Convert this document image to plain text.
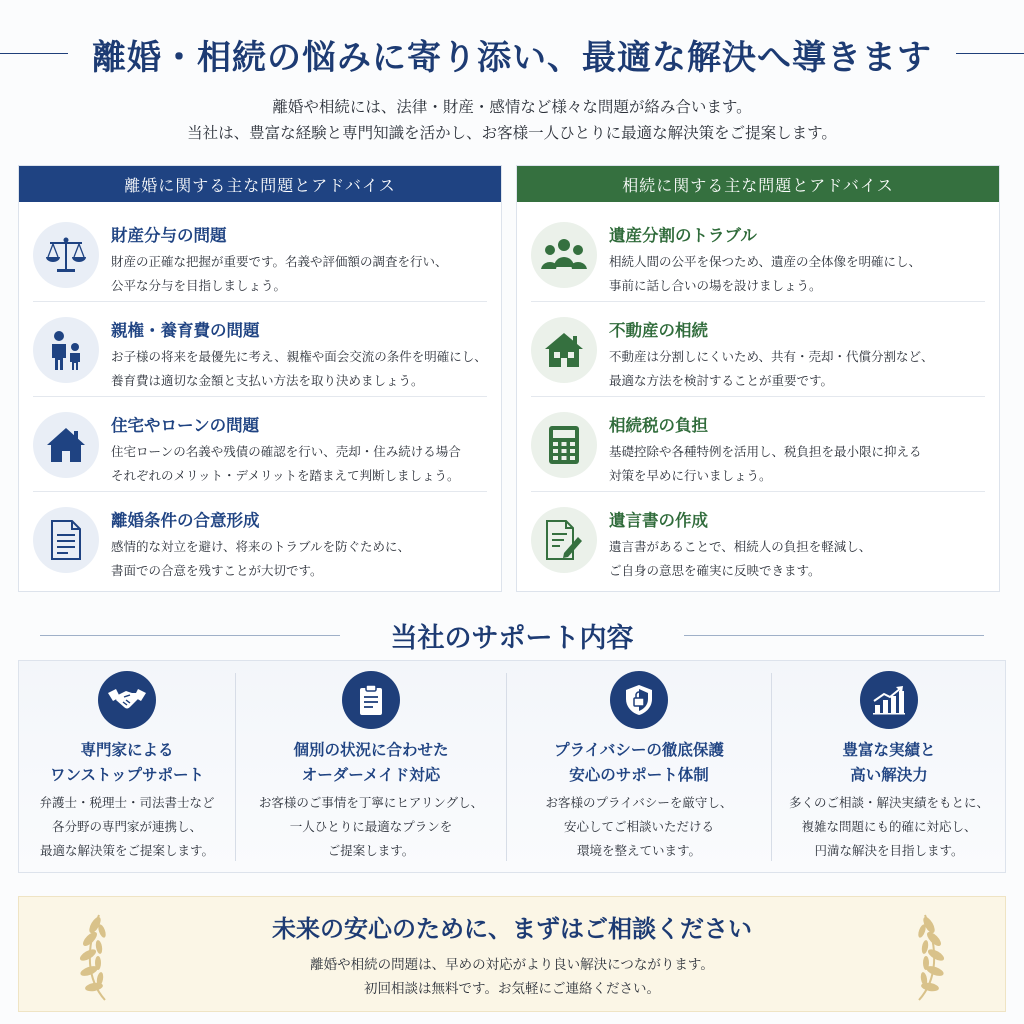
離婚・相続の悩みに寄り添い、最適な解決へ導きます
離婚や相続には、法律・財産・感情など様々な問題が絡み合います。
当社は、豊富な経験と専門知識を活かし、お客様一人ひとりに最適な解決策をご提案します。
離婚に関する主な問題とアドバイス
財産分与の問題
財産の正確な把握が重要です。名義や評価額の調査を行い、
公平な分与を目指しましょう。
親権・養育費の問題
お子様の将来を最優先に考え、親権や面会交流の条件を明確にし、
養育費は適切な金額と支払い方法を取り決めましょう。
住宅やローンの問題
住宅ローンの名義や残債の確認を行い、売却・住み続ける場合
それぞれのメリット・デメリットを踏まえて判断しましょう。
離婚条件の合意形成
感情的な対立を避け、将来のトラブルを防ぐために、
書面での合意を残すことが大切です。
相続に関する主な問題とアドバイス
遺産分割のトラブル
相続人間の公平を保つため、遺産の全体像を明確にし、
事前に話し合いの場を設けましょう。
不動産の相続
不動産は分割しにくいため、共有・売却・代償分割など、
最適な方法を検討することが重要です。
相続税の負担
基礎控除や各種特例を活用し、税負担を最小限に抑える
対策を早めに行いましょう。
遺言書の作成
遺言書があることで、相続人の負担を軽減し、
ご自身の意思を確実に反映できます。
当社のサポート内容
専門家による
ワンストップサポート
弁護士・税理士・司法書士など
各分野の専門家が連携し、
最適な解決策をご提案します。
個別の状況に合わせた
オーダーメイド対応
お客様のご事情を丁寧にヒアリングし、
一人ひとりに最適なプランを
ご提案します。
プライバシーの徹底保護
安心のサポート体制
お客様のプライバシーを厳守し、
安心してご相談いただける
環境を整えています。
豊富な実績と
高い解決力
多くのご相談・解決実績をもとに、
複雑な問題にも的確に対応し、
円満な解決を目指します。
未来の安心のために、まずはご相談ください
離婚や相続の問題は、早めの対応がより良い解決につながります。
初回相談は無料です。お気軽にご連絡ください。
